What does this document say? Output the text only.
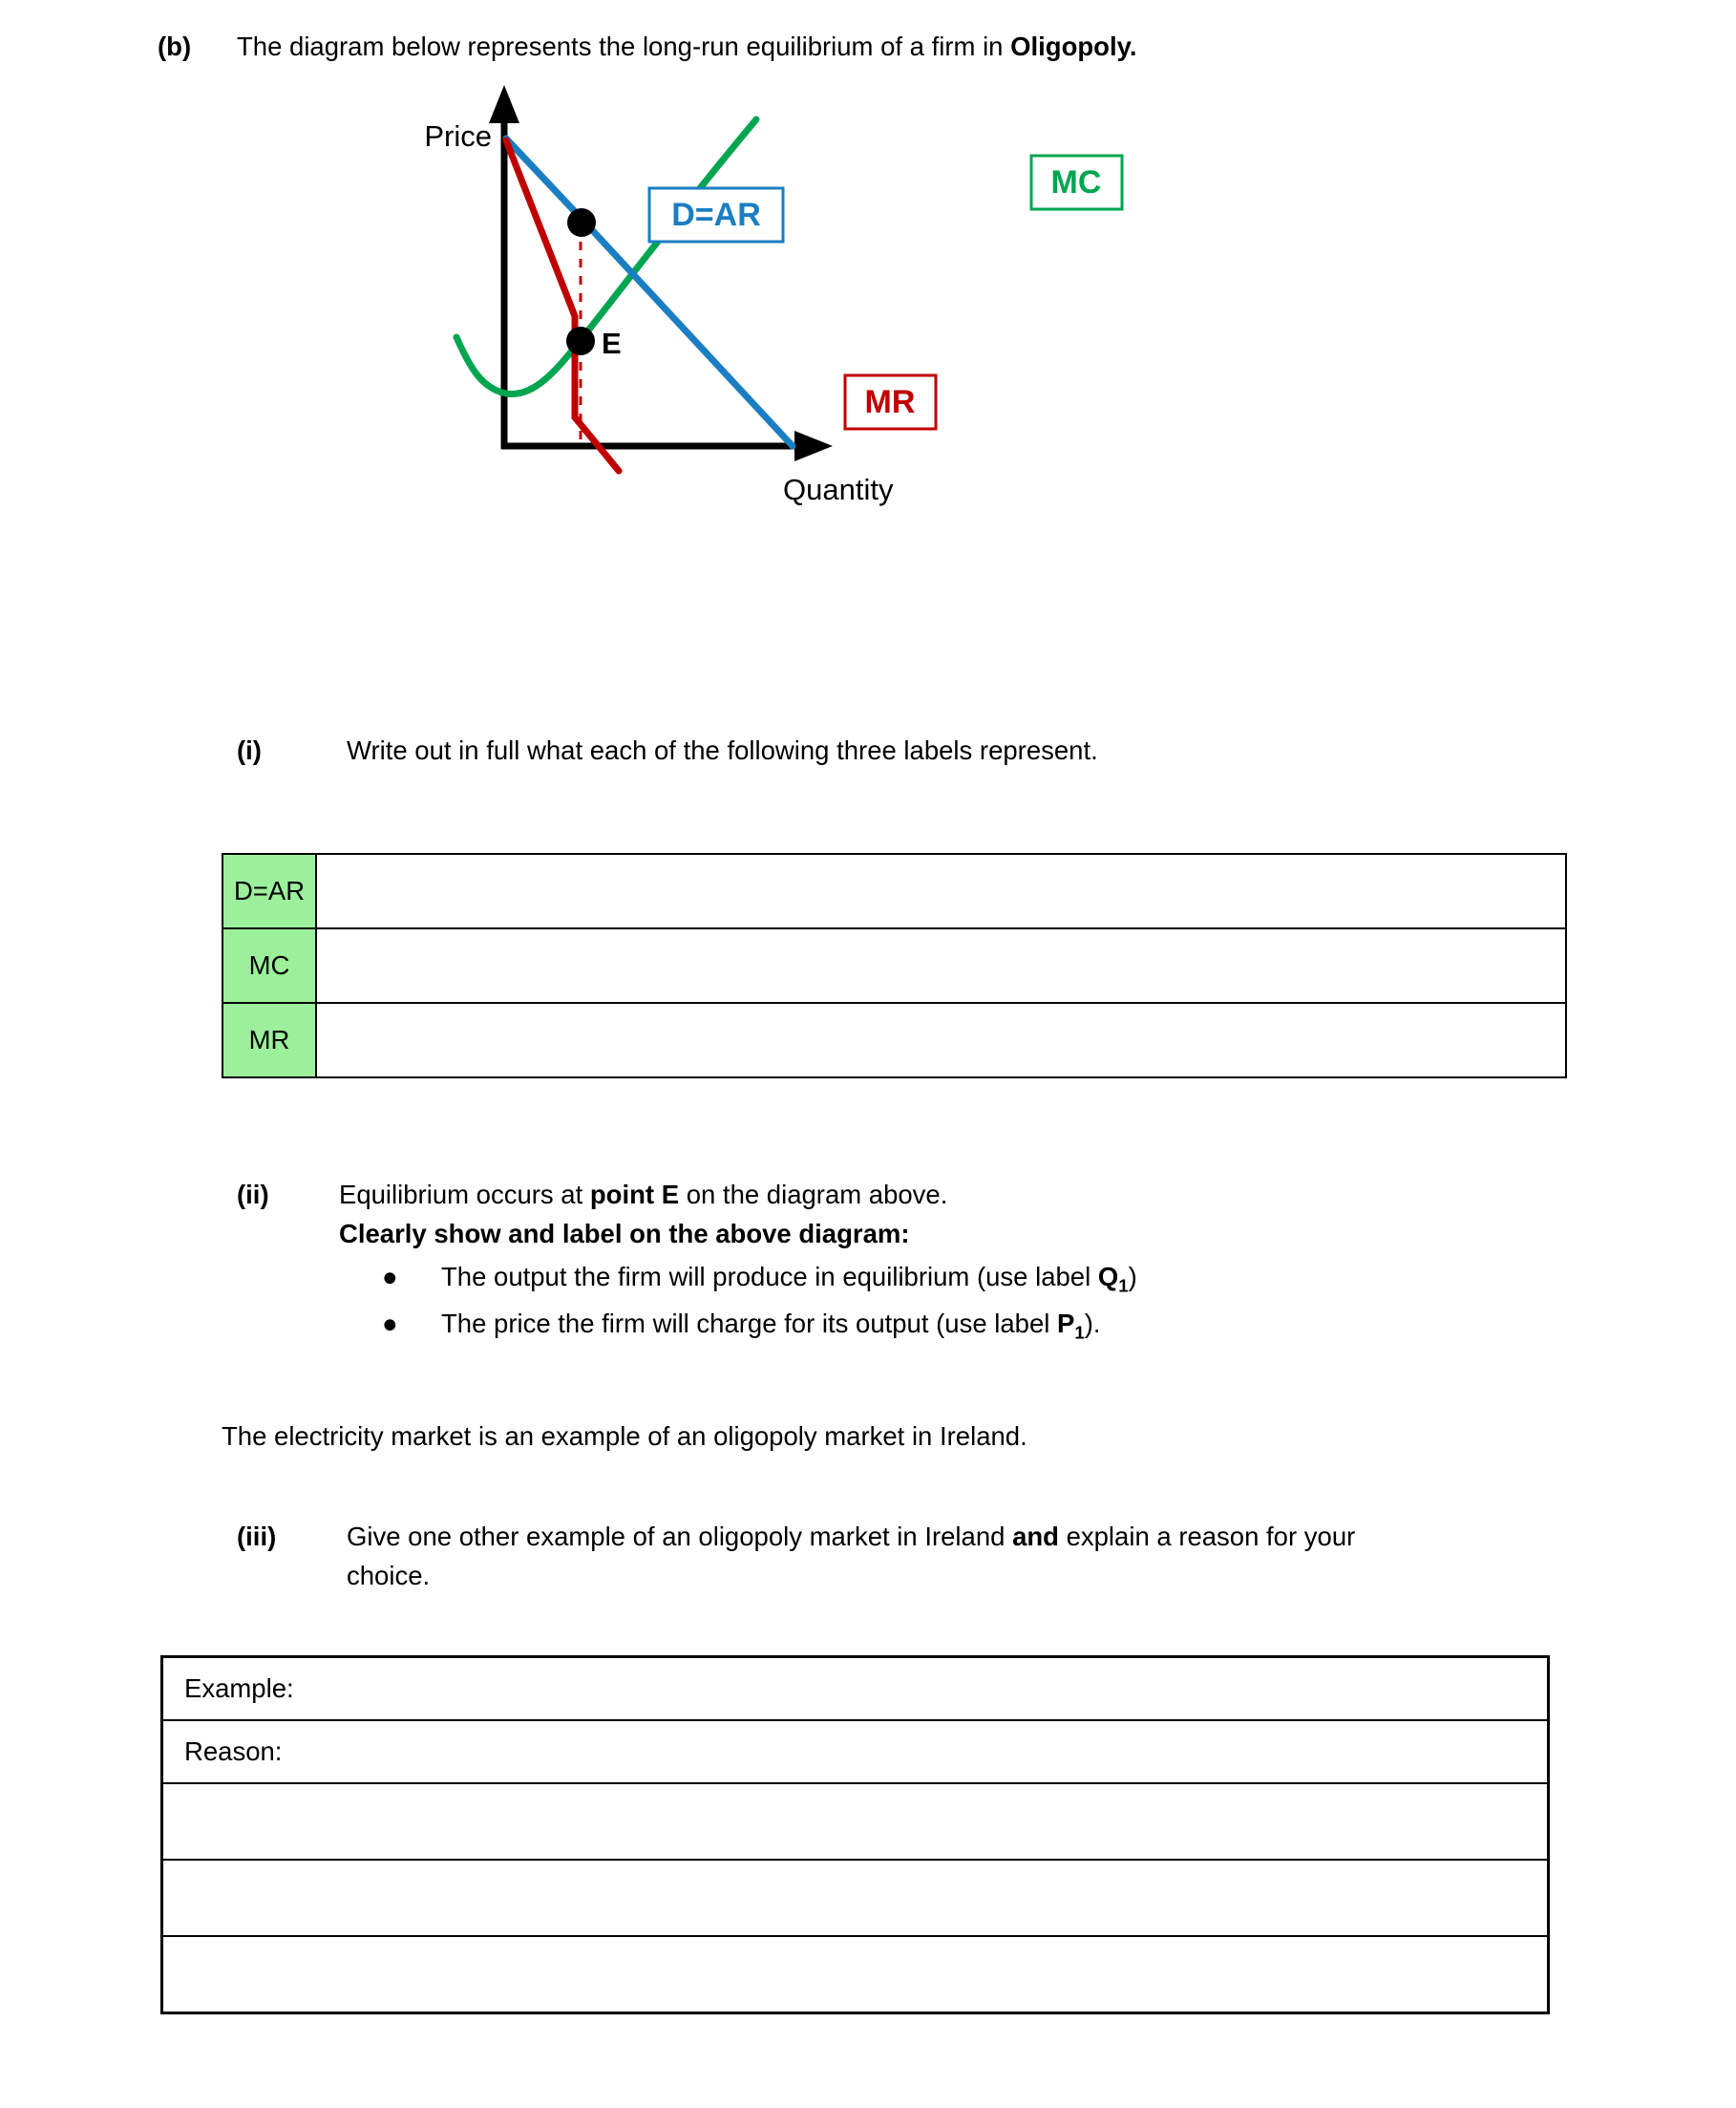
(b) The diagram below represents the long-run equilibrium of a firm in Oligopoly.
D=AR
MC
MR
E
Price
Quantity
(i)	Write out in full what each of the following three labels represent.
D=AR	
MC	
MR	
(ii)	Equilibrium occurs at point E on the diagram above.
Clearly show and label on the above diagram:
● The output the firm will produce in equilibrium (use label $Q_1$)
● The price the firm will charge for its output (use label $P_1$).
The electricity market is an example of an oligopoly market in Ireland.
(iii)	Give one other example of an oligopoly market in Ireland and explain a reason for your
choice.
Example:
Reason:
